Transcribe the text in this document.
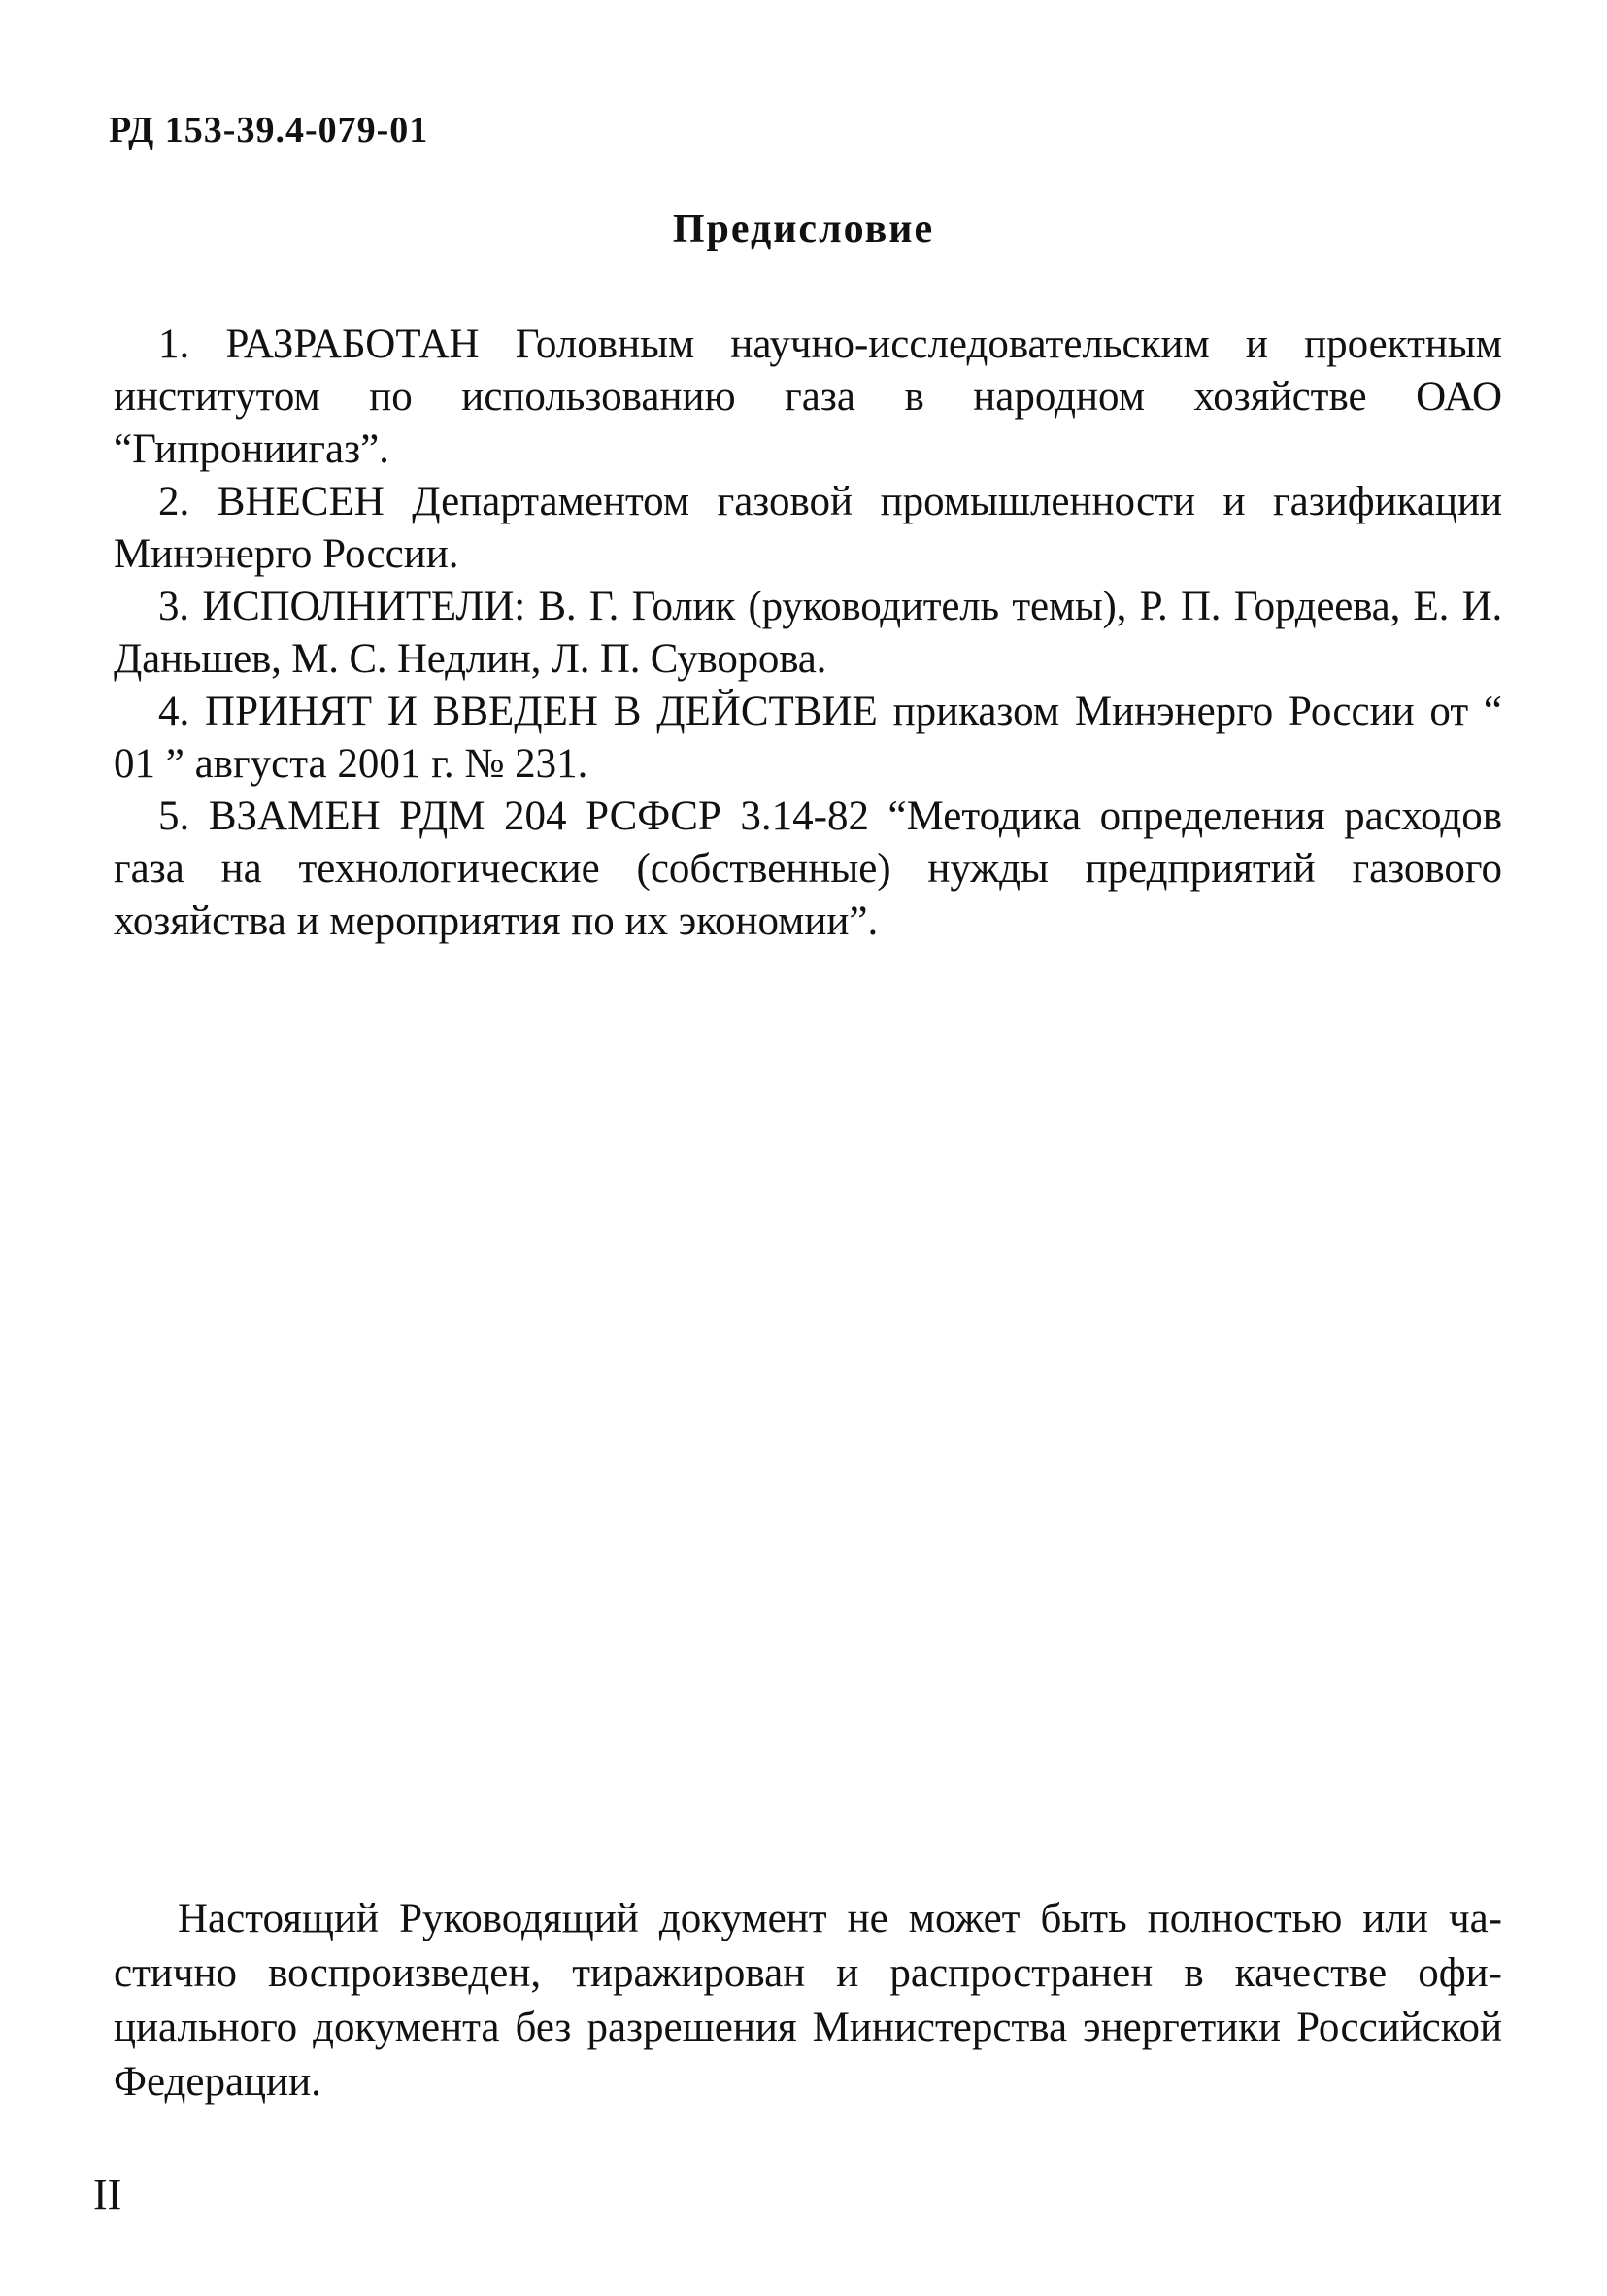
РД 153-39.4-079-01
Предисловие

1. РАЗРАБОТАН Головным научно-исследовательским и проектным институтом по использованию газа в народном хозяйстве ОАО “Гипрониигаз”.

2. ВНЕСЕН Департаментом газовой промышленности и газификации Минэнерго России.

3. ИСПОЛНИТЕЛИ: В. Г. Голик (руководитель темы), Р. П. Гордеева, Е. И. Даньшев, М. С. Недлин, Л. П. Суворова.

4. ПРИНЯТ И ВВЕДЕН В ДЕЙСТВИЕ приказом Минэнерго России от “ 01 ” августа 2001 г. № 231.

5. ВЗАМЕН РДМ 204 РСФСР 3.14-82 “Методика определения расходов газа на технологические (собственные) нужды предприятий газового хозяйства и мероприятия по их экономии”.

Настоящий Руководящий документ не может быть полностью или частично воспроизведен, тиражирован и распространен в качестве официального документа без разрешения Министерства энергетики Российской Федерации.

II
